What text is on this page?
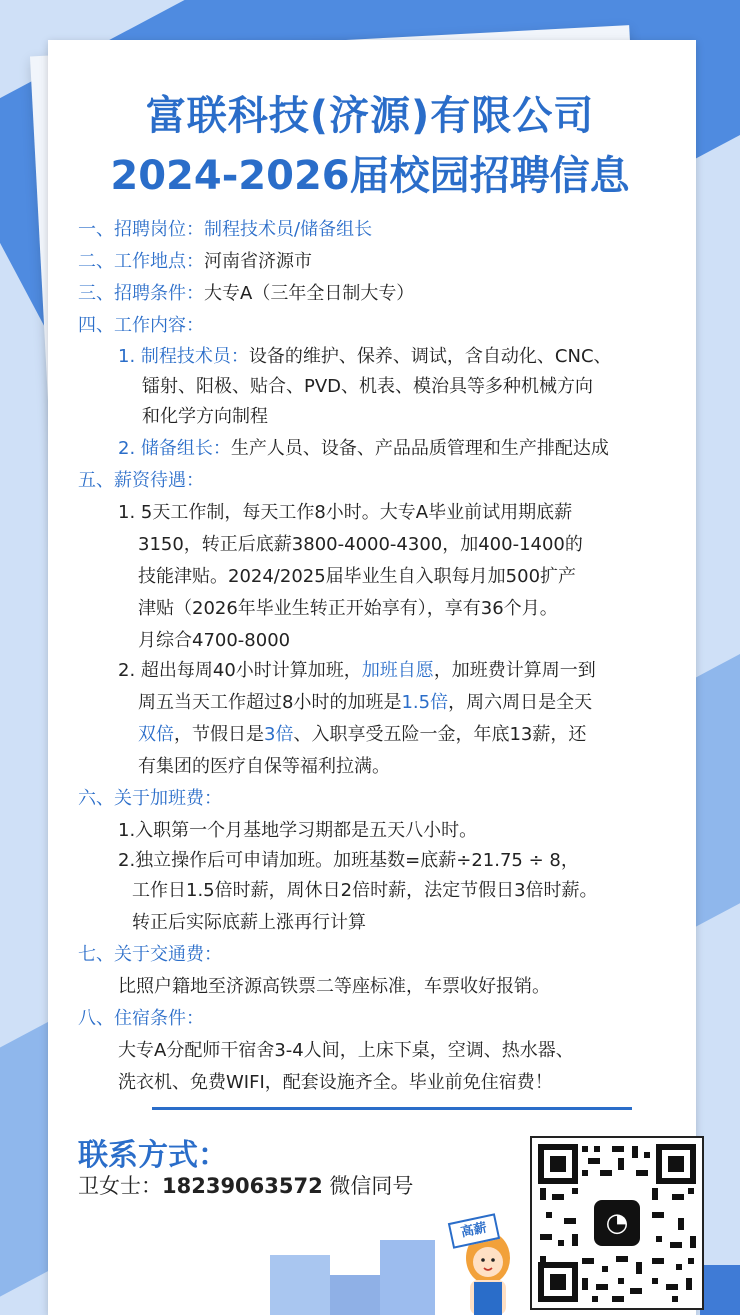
富联科技(济源)有限公司
2024-2026届校园招聘信息
一、招聘岗位：制程技术员/储备组长
二、工作地点：河南省济源市
三、招聘条件：大专A（三年全日制大专）
四、工作内容：
1. 制程技术员：设备的维护、保养、调试，含自动化、CNC、
镭射、阳极、贴合、PVD、机表、模治具等多种机械方向
和化学方向制程
2. 储备组长：生产人员、设备、产品品质管理和生产排配达成
五、薪资待遇：
1. 5天工作制，每天工作8小时。大专A毕业前试用期底薪
3150，转正后底薪3800-4000-4300，加400-1400的
技能津贴。2024/2025届毕业生自入职每月加500扩产
津贴（2026年毕业生转正开始享有），享有36个月。
月综合4700-8000
2. 超出每周40小时计算加班，加班自愿，加班费计算周一到
周五当天工作超过8小时的加班是1.5倍，周六周日是全天
双倍，节假日是3倍、入职享受五险一金，年底13薪，还
有集团的医疗自保等福利拉满。
六、关于加班费：
1.入职第一个月基地学习期都是五天八小时。
2.独立操作后可申请加班。加班基数=底薪÷21.75 ÷ 8，
工作日1.5倍时薪，周休日2倍时薪，法定节假日3倍时薪。
转正后实际底薪上涨再行计算
七、关于交通费：
比照户籍地至济源高铁票二等座标准，车票收好报销。
八、住宿条件：
大专A分配师干宿舍3-4人间，上床下桌，空调、热水器、
洗衣机、免费WIFI，配套设施齐全。毕业前免住宿费！
联系方式：
卫女士：18239063572 微信同号
高薪	◔
